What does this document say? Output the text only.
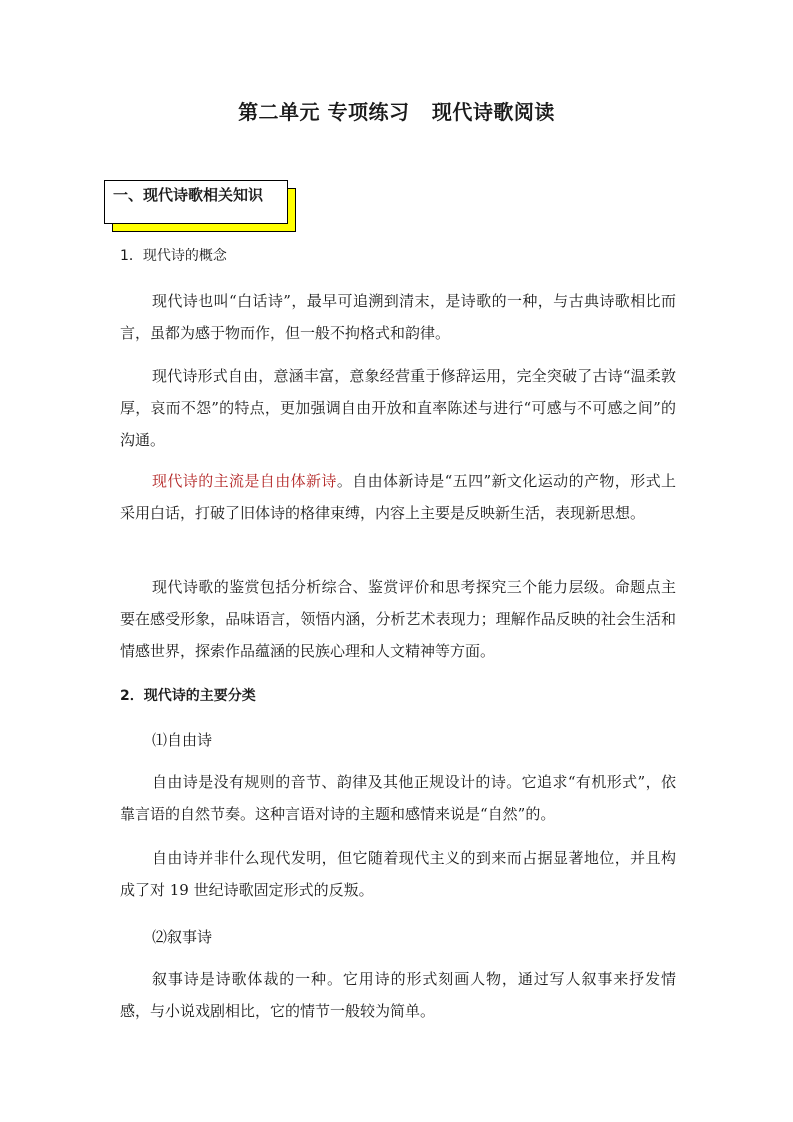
第二单元 专项练习   现代诗歌阅读
一、现代诗歌相关知识
1．现代诗的概念
现代诗也叫“白话诗”，最早可追溯到清末，是诗歌的一种，与古典诗歌相比而言，虽都为感于物而作，但一般不拘格式和韵律。
现代诗形式自由，意涵丰富，意象经营重于修辞运用，完全突破了古诗“温柔敦厚，哀而不怨”的特点，更加强调自由开放和直率陈述与进行“可感与不可感之间”的沟通。
现代诗的主流是自由体新诗。自由体新诗是“五四”新文化运动的产物，形式上采用白话，打破了旧体诗的格律束缚，内容上主要是反映新生活，表现新思想。
现代诗歌的鉴赏包括分析综合、鉴赏评价和思考探究三个能力层级。命题点主要在感受形象，品味语言，领悟内涵，分析艺术表现力；理解作品反映的社会生活和情感世界，探索作品蕴涵的民族心理和人文精神等方面。
2．现代诗的主要分类
⑴自由诗
自由诗是没有规则的音节、韵律及其他正规设计的诗。它追求“有机形式”，依靠言语的自然节奏。这种言语对诗的主题和感情来说是“自然”的。
自由诗并非什么现代发明，但它随着现代主义的到来而占据显著地位，并且构成了对 19 世纪诗歌固定形式的反叛。
⑵叙事诗
叙事诗是诗歌体裁的一种。它用诗的形式刻画人物，通过写人叙事来抒发情感，与小说戏剧相比，它的情节一般较为简单。
